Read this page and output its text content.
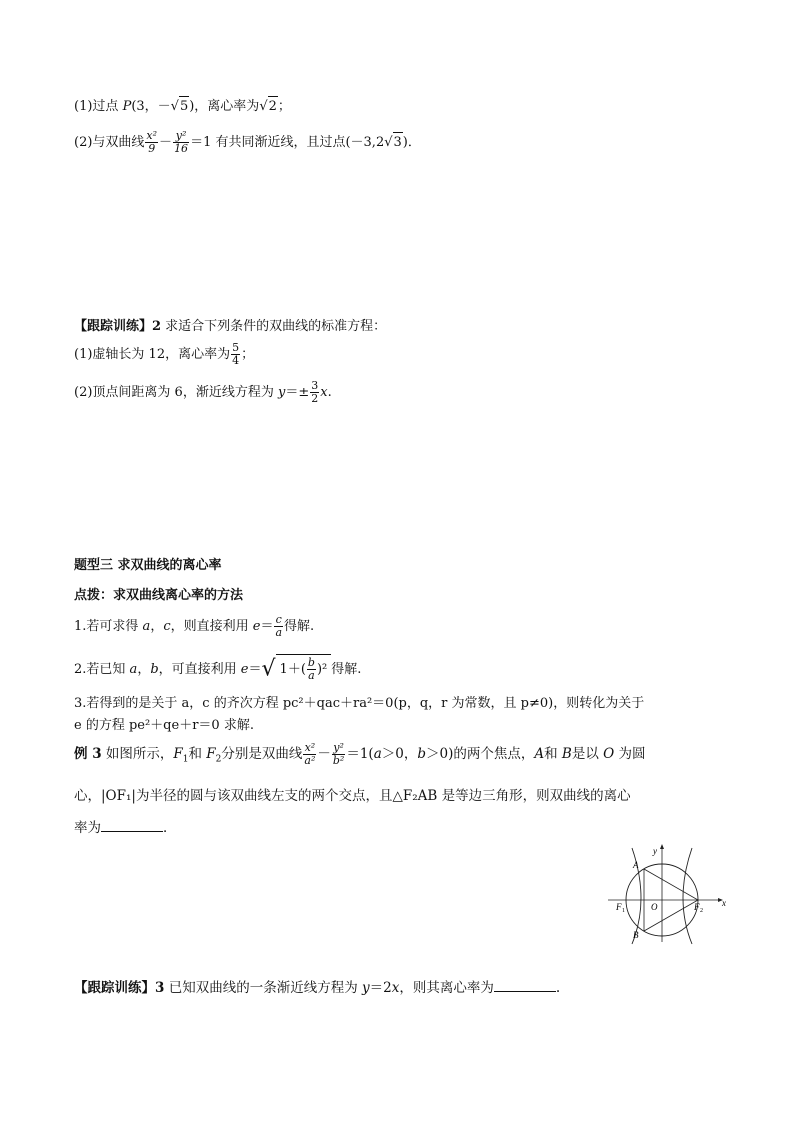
(1)过点 P(3，－√5)，离心率为√2；
(2)与双曲线 $\frac{\text{x²}}{9} - \frac{\text{y²}}{16} =1$ 有共同渐近线，且过点(－3,2√3)．
【跟踪训练】2 求适合下列条件的双曲线的标准方程：
(1)虚轴长为 12，离心率为 $\frac{5}{4}$ ；
(2)顶点间距离为 6，渐近线方程为 $y=\pm \frac{3}{2} x$.
题型三 求双曲线的离心率
点拨：求双曲线离心率的方法
1.若可求得 a，c，则直接利用 $e= \frac{c}{a}$ 得解.
2.若已知 a，b，可直接利用 e＝√ $1+( \frac{b}{a} )^2$ 得解.
3.若得到的是关于 a，c 的齐次方程 pc²＋qac＋ra²＝0(p，q，r 为常数，且 p≠0)，则转化为关于
e 的方程 pe²＋qe＋r＝0 求解.
例 3 如图所示，$F_1$和 $F_2$分别是双曲线 $\frac{\text{x²}}{\text{a²}} - \frac{\text{y²}}{\text{b²}} =1(a>0$，b＞0)的两个焦点，A和 B是以 O 为圆
心，|OF₁|为半径的圆与该双曲线左支的两个交点，且△F₂AB 是等边三角形，则双曲线的离心
率为	．
A
B
y
x
O
F 1	F 2
【跟踪训练】3 已知双曲线的一条渐近线方程为 y＝2x，则其离心率为	.
